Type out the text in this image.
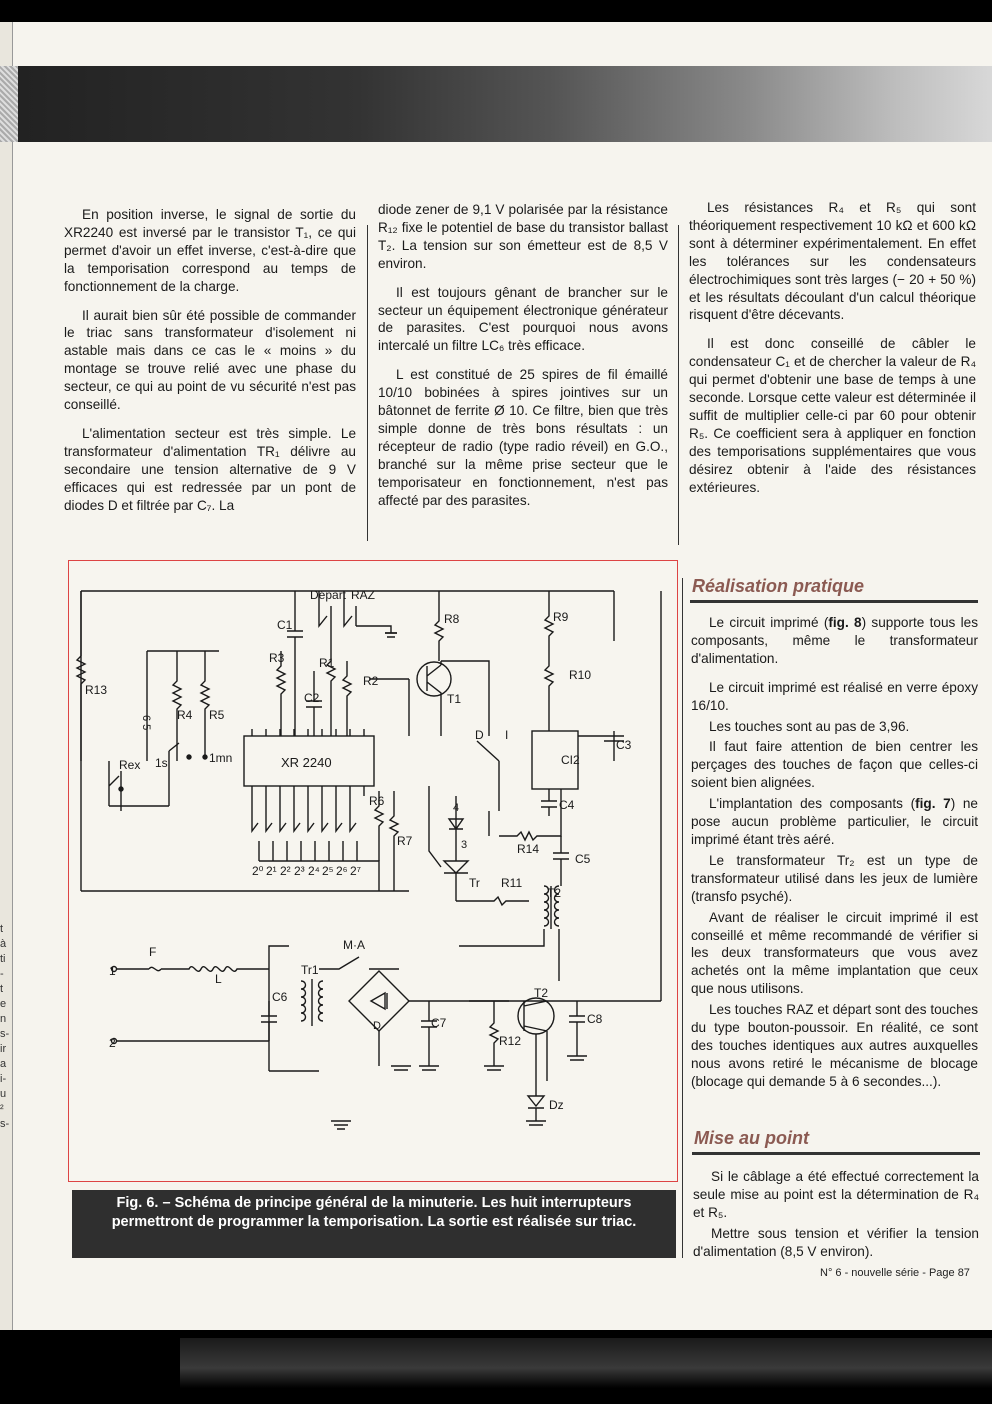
t
à
ti
-
t
e
n
s-
ir
a
i-
u
²
s-

En position inverse, le signal de sortie du XR2240 est inversé par le transistor T₁, ce qui permet d'avoir un effet inverse, c'est-à-dire que la temporisation correspond au temps de fonctionnement de la charge.

Il aurait bien sûr été possible de commander le triac sans transformateur d'isolement ni astable mais dans ce cas le « moins » du montage se trouve relié avec une phase du secteur, ce qui au point de vu sécurité n'est pas conseillé.

L'alimentation secteur est très simple. Le transformateur d'alimentation TR₁ délivre au secondaire une tension alternative de 9 V efficaces qui est redressée par un pont de diodes D et filtrée par C₇. La

diode zener de 9,1 V polarisée par la résistance R₁₂ fixe le potentiel de base du transistor ballast T₂. La tension sur son émetteur est de 8,5 V environ.

Il est toujours gênant de brancher sur le secteur un équipement électronique générateur de parasites. C'est pourquoi nous avons intercalé un filtre LC₆ très efficace.

L est constitué de 25 spires de fil émaillé 10/10 bobinées à spires jointives sur un bâtonnet de ferrite Ø 10. Ce filtre, bien que très simple donne de très bons résultats : un récepteur de radio (type radio réveil) en G.O., branché sur la même prise secteur que le temporisateur en fonctionnement, n'est pas affecté par des parasites.

Les résistances R₄ et R₅ qui sont théoriquement respectivement 10 kΩ et 600 kΩ sont à déterminer expérimentalement. En effet les tolérances sur les condensateurs électrochimiques sont très larges (− 20 + 50 %) et les résultats découlant d'un calcul théorique risquent d'être décevants.

Il est donc conseillé de câbler le condensateur C₁ et de chercher la valeur de R₄ qui permet d'obtenir une base de temps à une seconde. Lorsque cette valeur est déterminée il suffit de multiplier celle-ci par 60 pour obtenir R₅. Ce coefficient sera à appliquer en fonction des temporisations supplémentaires que vous désirez obtenir à l'aide des résistances extérieures.

Réalisation pratique

Le circuit imprimé (fig. 8) supporte tous les composants, même le transformateur d'alimentation.

Le circuit imprimé est réalisé en verre époxy 16/10.

Les touches sont au pas de 3,96.

Il faut faire attention de bien centrer les perçages des touches de façon que celles-ci soient bien alignées.

L'implantation des composants (fig. 7) ne pose aucun problème particulier, le circuit imprimé étant très aéré.

Le transformateur Tr₂ est un type de transformateur utilisé dans les jeux de lumière (transfo psyché).

Avant de réaliser le circuit imprimé il est conseillé et même recommandé de vérifier si les deux transformateurs que vous avez achetés ont la même implantation que ceux que nous utilisons.

Les touches RAZ et départ sont des touches du type bouton-poussoir. En réalité, ce sont des touches identiques aux autres auxquelles nous avons retiré le mécanisme de blocage (blocage qui demande 5 à 6 secondes...).

Mise au point

Si le câblage a été effectué correctement la seule mise au point est la détermination de R₄ et R₅.

Mettre sous tension et vérifier la tension d'alimentation (8,5 V environ).

Départ RAZ
C1	R8	R9
R3	R1
R2	R10
T1
R13
C2
R4 R5
6 5
D I
C3
Rex 1s	1mn	XR 2240	CI2
C4
R6
R7
4
3	R14
C5
Tr R11
T2
F	M·A
L
1	Tr1
C6	T2
C7	C8
2	R12
Dz
D
2⁰ 2¹ 2² 2³ 2⁴ 2⁵ 2⁶ 2⁷
Fig. 6. – Schéma de principe général de la minuterie. Les huit interrupteurs permettront de programmer la temporisation. La sortie est réalisée sur triac.
N° 6 - nouvelle série - Page 87
